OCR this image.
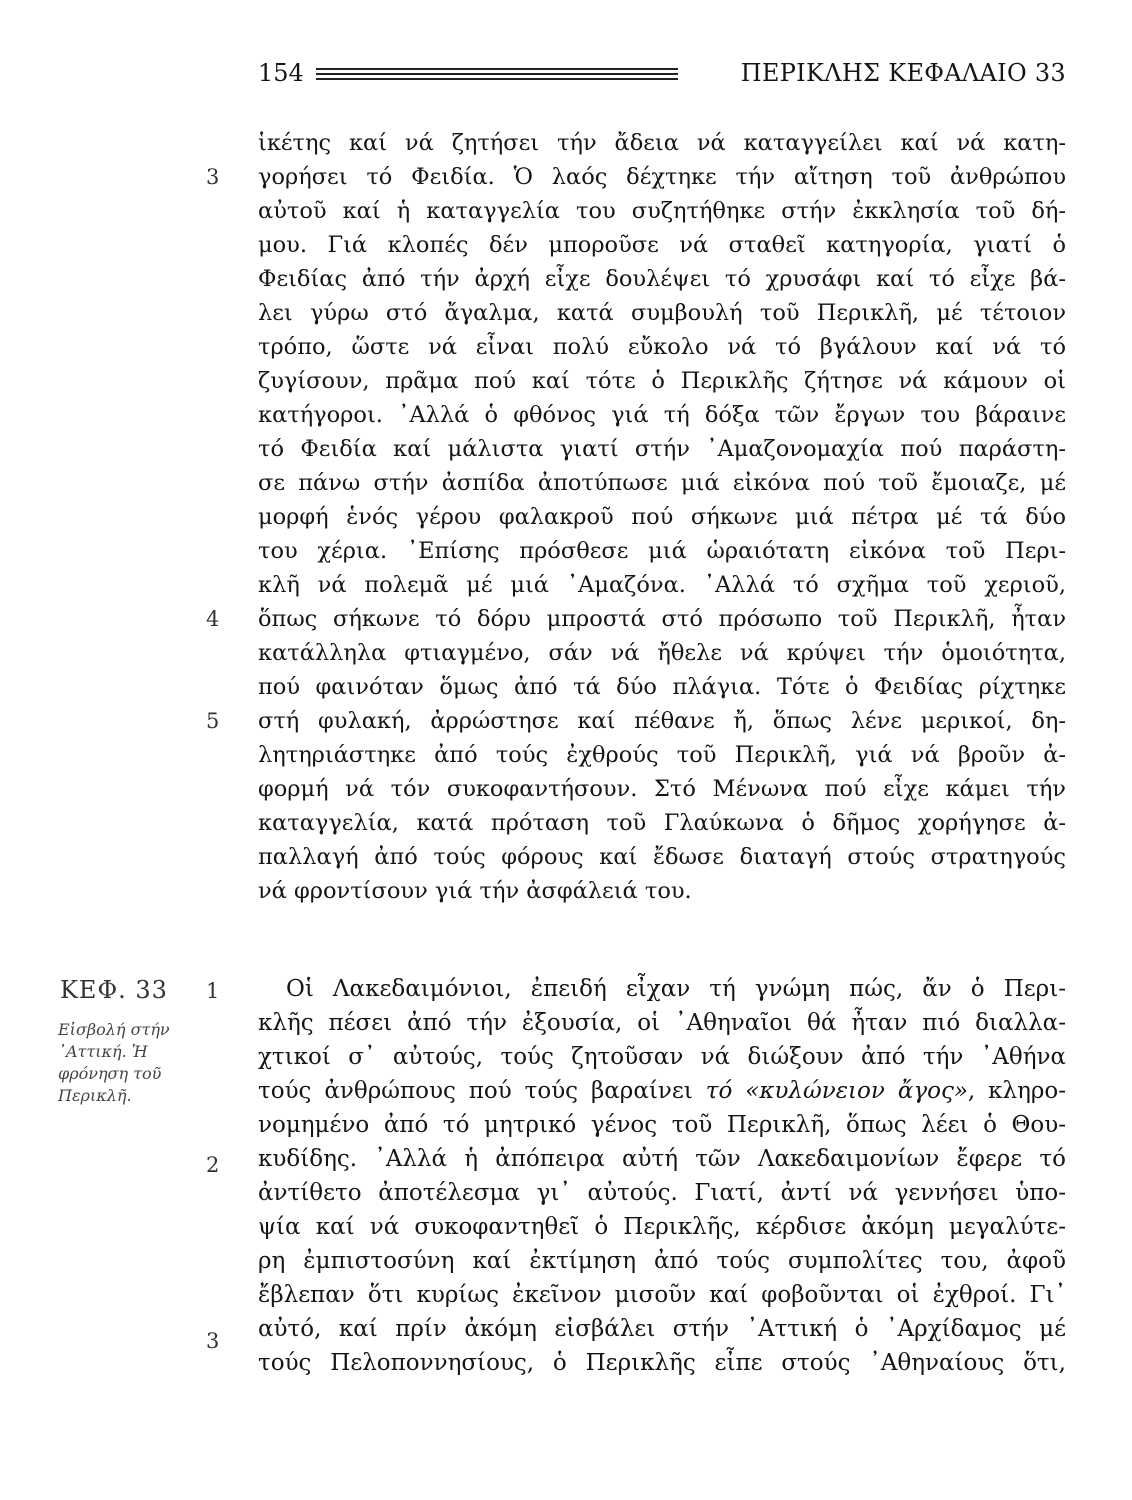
154	ΠΕΡΙΚΛΗΣ ΚΕΦΑΛΑΙΟ 33
3
4
5
ἱκέτης καί νά ζητήσει τήν ἄδεια νά καταγγείλει καί νά κατη-
γορήσει τό Φειδία. Ὁ λαός δέχτηκε τήν αἴτηση τοῦ ἀνθρώπου
αὐτοῦ καί ἡ καταγγελία του συζητήθηκε στήν ἐκκλησία τοῦ δή-
μου. Γιά κλοπές δέν μποροῦσε νά σταθεῖ κατηγορία, γιατί ὁ
Φειδίας ἀπό τήν ἀρχή εἶχε δουλέψει τό χρυσάφι καί τό εἶχε βά-
λει γύρω στό ἄγαλμα, κατά συμβουλή τοῦ Περικλῆ, μέ τέτοιον
τρόπο, ὥστε νά εἶναι πολύ εὔκολο νά τό βγάλουν καί νά τό
ζυγίσουν, πρᾶμα πού καί τότε ὁ Περικλῆς ζήτησε νά κάμουν οἱ
κατήγοροι. ᾿Αλλά ὁ φθόνος γιά τή δόξα τῶν ἔργων του βάραινε
τό Φειδία καί μάλιστα γιατί στήν ᾿Αμαζονομαχία πού παράστη-
σε πάνω στήν ἀσπίδα ἀποτύπωσε μιά εἰκόνα πού τοῦ ἔμοιαζε, μέ
μορφή ἑνός γέρου φαλακροῦ πού σήκωνε μιά πέτρα μέ τά δύο
του χέρια. ᾿Επίσης πρόσθεσε μιά ὡραιότατη εἰκόνα τοῦ Περι-
κλῆ νά πολεμᾶ μέ μιά ᾿Αμαζόνα. ᾿Αλλά τό σχῆμα τοῦ χεριοῦ,
ὅπως σήκωνε τό δόρυ μπροστά στό πρόσωπο τοῦ Περικλῆ, ἦταν
κατάλληλα φτιαγμένο, σάν νά ἤθελε νά κρύψει τήν ὁμοιότητα,
πού φαινόταν ὅμως ἀπό τά δύο πλάγια. Τότε ὁ Φειδίας ρίχτηκε
στή φυλακή, ἀρρώστησε καί πέθανε ἤ, ὅπως λένε μερικοί, δη-
λητηριάστηκε ἀπό τούς ἐχθρούς τοῦ Περικλῆ, γιά νά βροῦν ἀ-
φορμή νά τόν συκοφαντήσουν. Στό Μένωνα πού εἶχε κάμει τήν
καταγγελία, κατά πρόταση τοῦ Γλαύκωνα ὁ δῆμος χορήγησε ἀ-
παλλαγή ἀπό τούς φόρους καί ἔδωσε διαταγή στούς στρατηγούς
νά φροντίσουν γιά τήν ἀσφάλειά του.
ΚΕΦ. 33
Εἰσβολή στήν
᾿Αττική. Ἡ
φρόνηση τοῦ
Περικλῆ.
1
2
3
Οἱ Λακεδαιμόνιοι, ἐπειδή εἶχαν τή γνώμη πώς, ἄν ὁ Περι-
κλῆς πέσει ἀπό τήν ἐξουσία, οἱ ᾿Αθηναῖοι θά ἦταν πιό διαλλα-
χτικοί σ᾿ αὐτούς, τούς ζητοῦσαν νά διώξουν ἀπό τήν ᾿Αθήνα
τούς ἀνθρώπους πού τούς βαραίνει τό «κυλώνειον ἄγος», κληρο-
νομημένο ἀπό τό μητρικό γένος τοῦ Περικλῆ, ὅπως λέει ὁ Θου-
κυδίδης. ᾿Αλλά ἡ ἀπόπειρα αὐτή τῶν Λακεδαιμονίων ἔφερε τό
ἀντίθετο ἀποτέλεσμα γι᾿ αὐτούς. Γιατί, ἀντί νά γεννήσει ὑπο-
ψία καί νά συκοφαντηθεῖ ὁ Περικλῆς, κέρδισε ἀκόμη μεγαλύτε-
ρη ἐμπιστοσύνη καί ἐκτίμηση ἀπό τούς συμπολίτες του, ἀφοῦ
ἔβλεπαν ὅτι κυρίως ἐκεῖνον μισοῦν καί φοβοῦνται οἱ ἐχθροί. Γι᾿
αὐτό, καί πρίν ἀκόμη εἰσβάλει στήν ᾿Αττική ὁ ᾿Αρχίδαμος μέ
τούς Πελοποννησίους, ὁ Περικλῆς εἶπε στούς ᾿Αθηναίους ὅτι,
